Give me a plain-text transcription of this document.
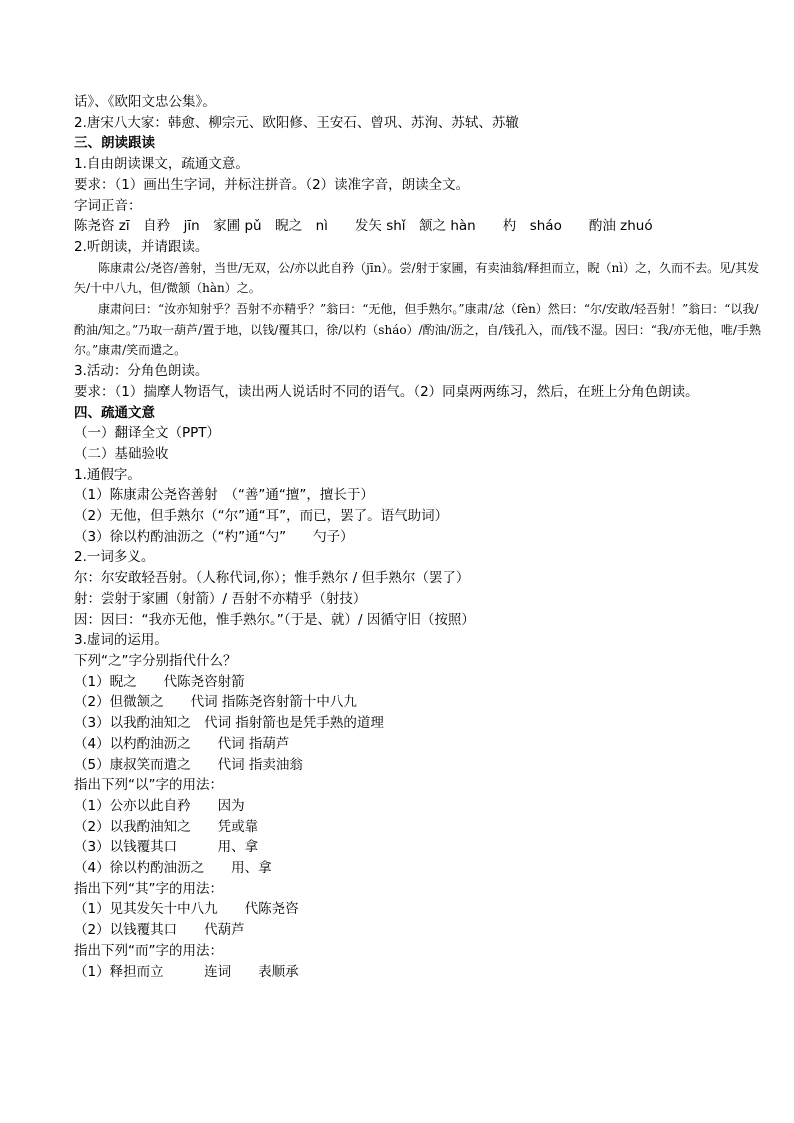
话》、《欧阳文忠公集》。
2.唐宋八大家：韩愈、柳宗元、欧阳修、王安石、曾巩、苏洵、苏轼、苏辙
三、朗读跟读
1.自由朗读课文，疏通文意。
要求：（1）画出生字词，并标注拼音。（2）读准字音，朗读全文。
字词正音：
陈尧咨 zī　自矜　jīn　家圃 pǔ　睨之　nì　　发矢 shǐ　颔之 hàn　　杓　sháo　　酌油 zhuó
2.听朗读，并请跟读。
陈康肃公/尧咨/善射，当世/无双，公/亦以此自矜（jīn）。尝/射于家圃，有卖油翁/释担而立，睨（nì）之，久而不去。见/其发矢/十中八九，但/微颔（hàn）之。
康肃问曰：“汝亦知射乎？吾射不亦精乎？”翁曰：“无他，但手熟尔。”康肃/忿（fèn）然曰：“尔/安敢/轻吾射！”翁曰：“以我/酌油/知之。”乃取一葫芦/置于地，以钱/覆其口，徐/以杓（sháo）/酌油/沥之，自/钱孔入，而/钱不湿。因曰：“我/亦无他，唯/手熟尔。”康肃/笑而遣之。
3.活动：分角色朗读。
要求：（1）揣摩人物语气，读出两人说话时不同的语气。（2）同桌两两练习，然后，在班上分角色朗读。
四、疏通文意
（一）翻译全文（PPT）
（二）基础验收
1.通假字。
（1）陈康肃公尧咨善射　（“善”通“擅”，擅长于）
（2）无他，但手熟尔（“尔”通“耳”，而已，罢了。语气助词）
（3）徐以杓酌油沥之（“杓”通“勺”　　勺子）
2.一词多义。
尔：尔安敢轻吾射。（人称代词,你）；惟手熟尔 / 但手熟尔（罢了）
射：尝射于家圃（射箭）/ 吾射不亦精乎（射技）
因：因曰：“我亦无他，惟手熟尔。”（于是、就）/ 因循守旧（按照）
3.虚词的运用。
下列“之”字分别指代什么？
（1）睨之　　代陈尧咨射箭
（2）但微颔之　　代词 指陈尧咨射箭十中八九
（3）以我酌油知之　代词 指射箭也是凭手熟的道理
（4）以杓酌油沥之　　代词 指葫芦
（5）康叔笑而遣之　　代词 指卖油翁
指出下列“以”字的用法：
（1）公亦以此自矜　　因为
（2）以我酌油知之　　凭或靠
（3）以钱覆其口　　　用、拿
（4）徐以杓酌油沥之　　用、拿
指出下列“其”字的用法：
（1）见其发矢十中八九　　代陈尧咨
（2）以钱覆其口　　代葫芦
指出下列“而”字的用法：
（1）释担而立　　　连词　　表顺承
